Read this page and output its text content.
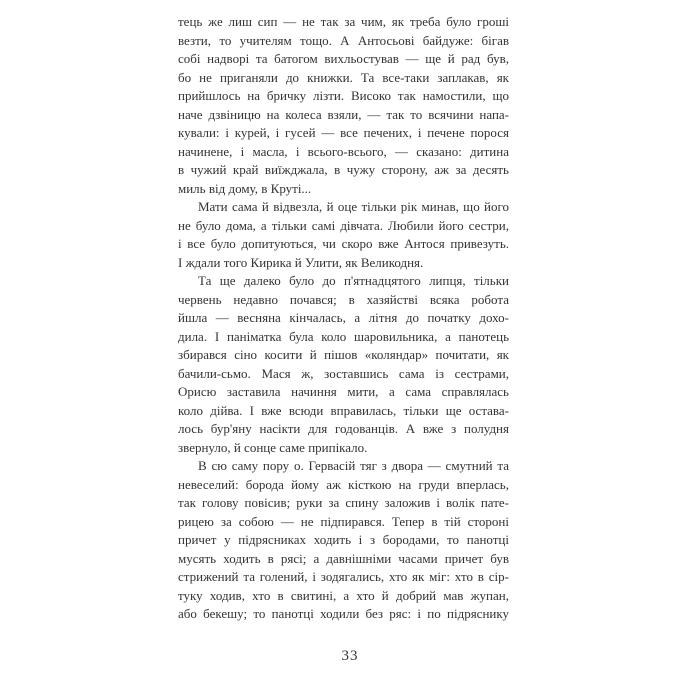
тець же лиш сип — не так за чим, як треба було гроші
везти, то учителям тощо. А Антосьові байдуже: бігав
собі надворі та батогом вихльостував — ще й рад був,
бо не приганяли до книжки. Та все-таки заплакав, як
прийшлось на бричку лізти. Високо так намостили, що
наче дзвіницю на колеса взяли, — так то всячини напа-
кували: і курей, і гусей — все печених, і печене порося
начинене, і масла, і всього-всього, — сказано: дитина
в чужий край виїжджала, в чужу сторону, аж за десять
миль від дому, в Круті...
Мати сама й відвезла, й оце тільки рік минав, що його
не було дома, а тільки самі дівчата. Любили його сестри,
і все було допитуються, чи скоро вже Антося привезуть.
І ждали того Кирика й Улити, як Великодня.
Та ще далеко було до п'ятнадцятого липця, тільки
червень недавно почався; в хазяйстві всяка робота
йшла — весняна кінчалась, а літня до початку дохо-
дила. І паніматка була коло шаровильника, а панотець
збирався сіно косити й пішов «коляндар» почитати, як
бачили-сьмо. Мася ж, зоставшись сама із сестрами,
Орисю заставила начиння мити, а сама справлялась
коло дійва. І вже всюди вправилась, тільки ще остава-
лось бур'яну насікти для годованців. А вже з полудня
звернуло, й сонце саме припікало.
В сю саму пору о. Гервасій тяг з двора — смутний та
невеселий: борода йому аж кісткою на груди вперлась,
так голову повісив; руки за спину заложив і волік пате-
рицею за собою — не підпирався. Тепер в тій стороні
причет у підрясниках ходить і з бородами, то панотці
мусять ходить в рясі; а давнішніми часами причет був
стрижений та голений, і зодягались, хто як міг: хто в сір-
туку ходив, хто в свитині, а хто й добрий мав жупан,
або бекешу; то панотці ходили без ряс: і по підряснику
33
